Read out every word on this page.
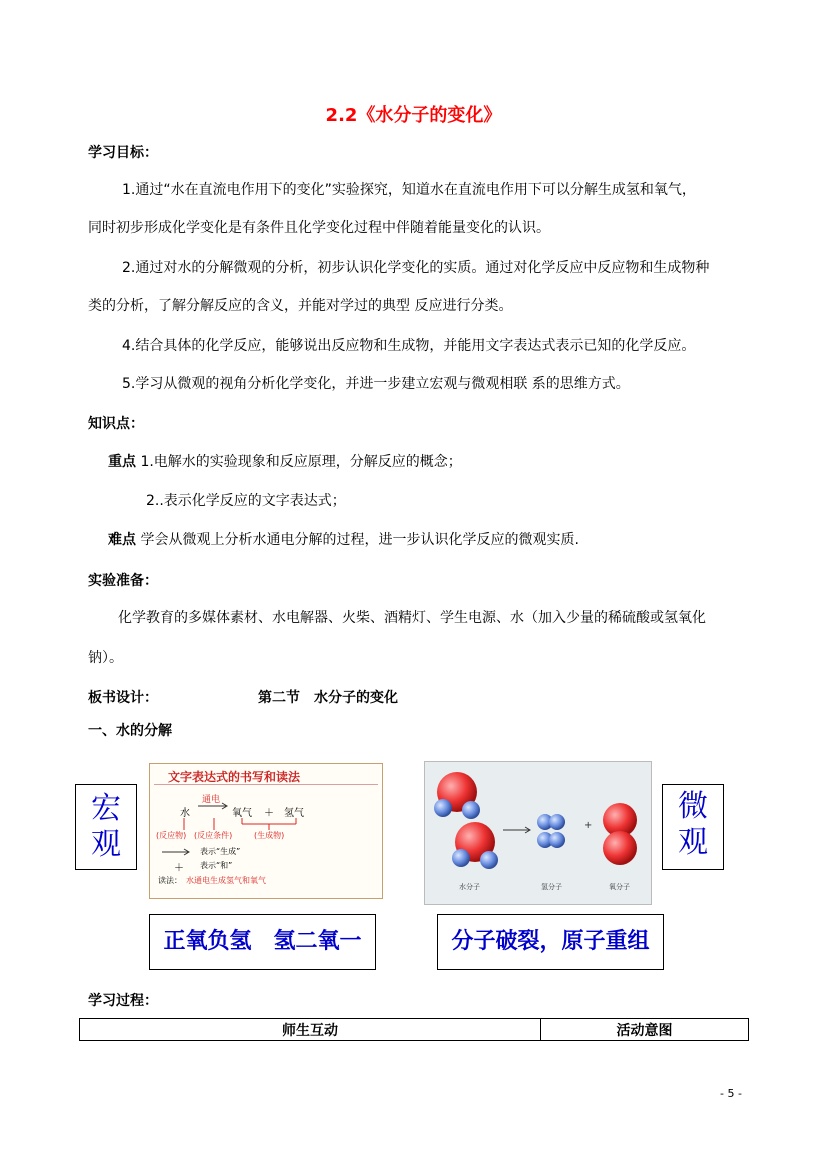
2.2《水分子的变化》
学习目标：
1.通过“水在直流电作用下的变化”实验探究，知道水在直流电作用下可以分解生成氢和氧气，
同时初步形成化学变化是有条件且化学变化过程中伴随着能量变化的认识。
2.通过对水的分解微观的分析，初步认识化学变化的实质。通过对化学反应中反应物和生成物种
类的分析，了解分解反应的含义，并能对学过的典型 反应进行分类。
4.结合具体的化学反应，能够说出反应物和生成物，并能用文字表达式表示已知的化学反应。
5.学习从微观的视角分析化学变化，并进一步建立宏观与微观相联 系的思维方式。
知识点：
重点 1.电解水的实验现象和反应原理，分解反应的概念；
2..表示化学反应的文字表达式；
难点 学会从微观上分析水通电分解的过程，进一步认识化学反应的微观实质.
实验准备：
化学教育的多媒体素材、水电解器、火柴、酒精灯、学生电源、水（加入少量的稀硫酸或氢氧化
钠）。
板书设计：	第二节　水分子的变化
一、水的分解
宏
观
文字表达式的书写和读法
水
通电
氧气 ＋ 氢气
(反应物) (反应条件)	(生成物)
表示“生成”
＋ 表示“和”
读法： 水通电生成氢气和氧气
+
水分子	氢分子	氧分子
微
观
正氧负氢　氢二氧一	分子破裂，原子重组
学习过程：
师生互动	活动意图
- 5 -
